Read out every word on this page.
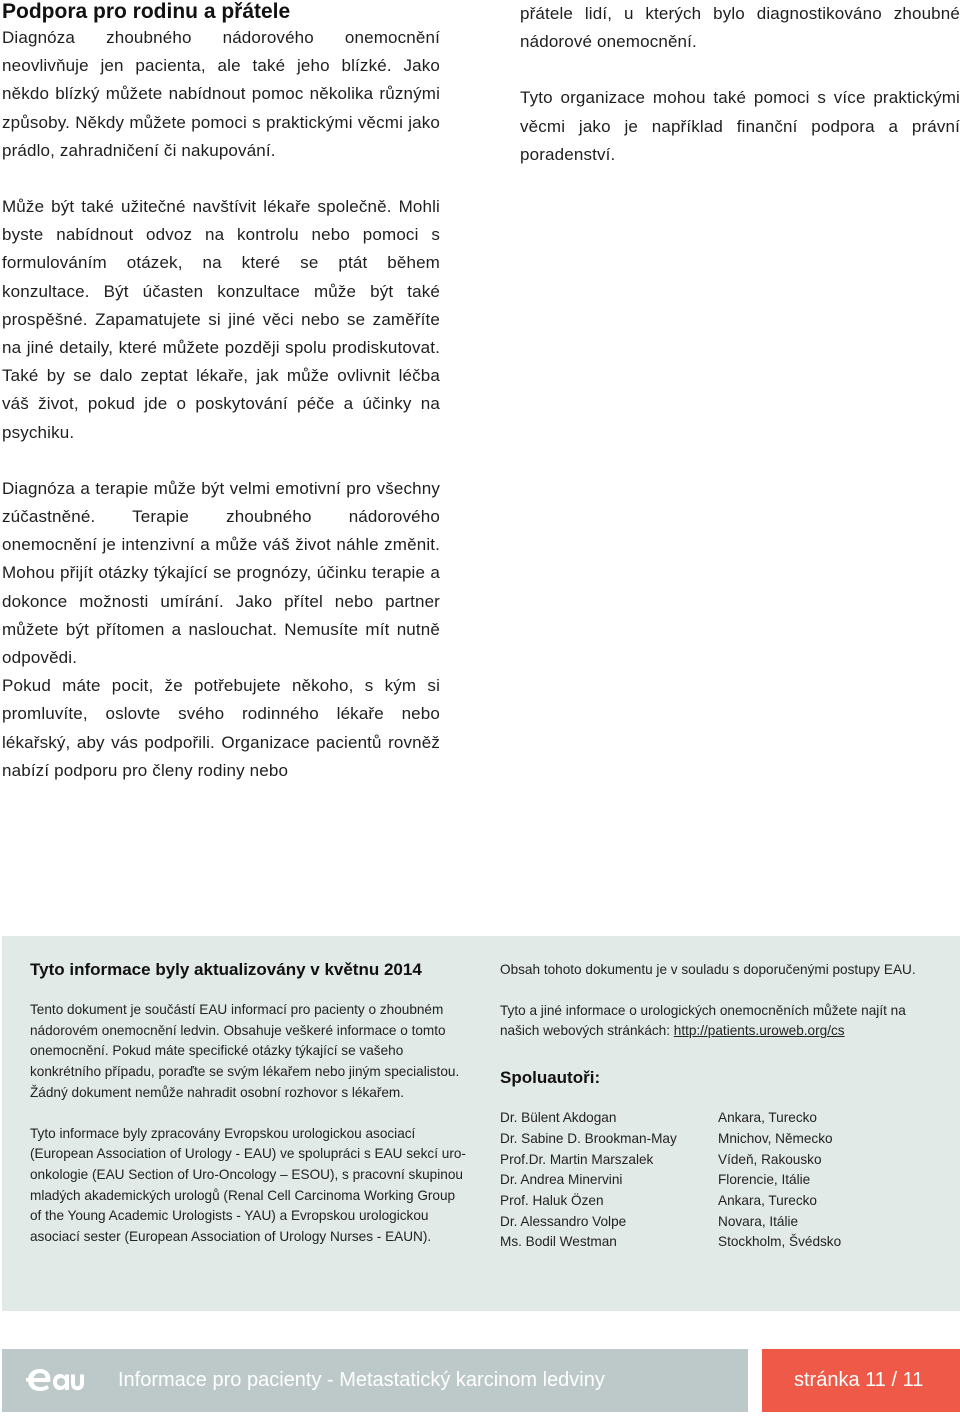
Podpora pro rodinu a přátele

Diagnóza zhoubného nádorového onemocnění neovlivňuje jen pacienta, ale také jeho blízké. Jako někdo blízký můžete nabídnout pomoc několika různými způsoby. Někdy můžete pomoci s praktickými věcmi jako prádlo, zahradničení či nakupování.

Může být také užitečné navštívit lékaře společně. Mohli byste nabídnout odvoz na kontrolu nebo pomoci s formulováním otázek, na které se ptát během konzultace. Být účasten konzultace může být také prospěšné. Zapamatujete si jiné věci nebo se zaměříte na jiné detaily, které můžete později spolu prodiskutovat. Také by se dalo zeptat lékaře, jak může ovlivnit léčba váš život, pokud jde o poskytování péče a účinky na psychiku.

Diagnóza a terapie může být velmi emotivní pro všechny zúčastněné. Terapie zhoubného nádorového onemocnění je intenzivní a může váš život náhle změnit. Mohou přijít otázky týkající se prognózy, účinku terapie a dokonce možnosti umírání. Jako přítel nebo partner můžete být přítomen a naslouchat. Nemusíte mít nutně odpovědi.

Pokud máte pocit, že potřebujete někoho, s kým si promluvíte, oslovte svého rodinného lékaře nebo lékařský, aby vás podpořili. Organizace pacientů rovněž nabízí podporu pro členy rodiny nebo

přátele lidí, u kterých bylo diagnostikováno zhoubné nádorové onemocnění.

Tyto organizace mohou také pomoci s více praktickými věcmi jako je například finanční podpora a právní poradenství.

Tyto informace byly aktualizovány v květnu 2014

Tento dokument je součástí EAU informací pro pacienty o zhoubném nádorovém onemocnění ledvin. Obsahuje veškeré informace o tomto onemocnění. Pokud máte specifické otázky týkající se vašeho konkrétního případu, poraďte se svým lékařem nebo jiným specialistou. Žádný dokument nemůže nahradit osobní rozhovor s lékařem.

Tyto informace byly zpracovány Evropskou urologickou asociací (European Association of Urology - EAU) ve spolupráci s EAU sekcí uro-onkologie (EAU Section of Uro-Oncology – ESOU), s pracovní skupinou mladých akademických urologů (Renal Cell Carcinoma Working Group of the Young Academic Urologists - YAU) a Evropskou urologickou asociací sester (European Association of Urology Nurses - EAUN).

Obsah tohoto dokumentu je v souladu s doporučenými postupy EAU.

Tyto a jiné informace o urologických onemocněních můžete najít na našich webových stránkách: http://patients.uroweb.org/cs

Spoluautoři:

Dr. Bülent Akdogan
Dr. Sabine D. Brookman-May
Prof.Dr. Martin Marszalek
Dr. Andrea Minervini
Prof. Haluk Özen
Dr. Alessandro Volpe
Ms. Bodil Westman
Ankara, Turecko
Mnichov, Německo
Vídeň, Rakousko
Florencie, Itálie
Ankara, Turecko
Novara, Itálie
Stockholm, Švédsko
Informace pro pacienty - Metastatický karcinom ledviny	stránka 11 / 11
